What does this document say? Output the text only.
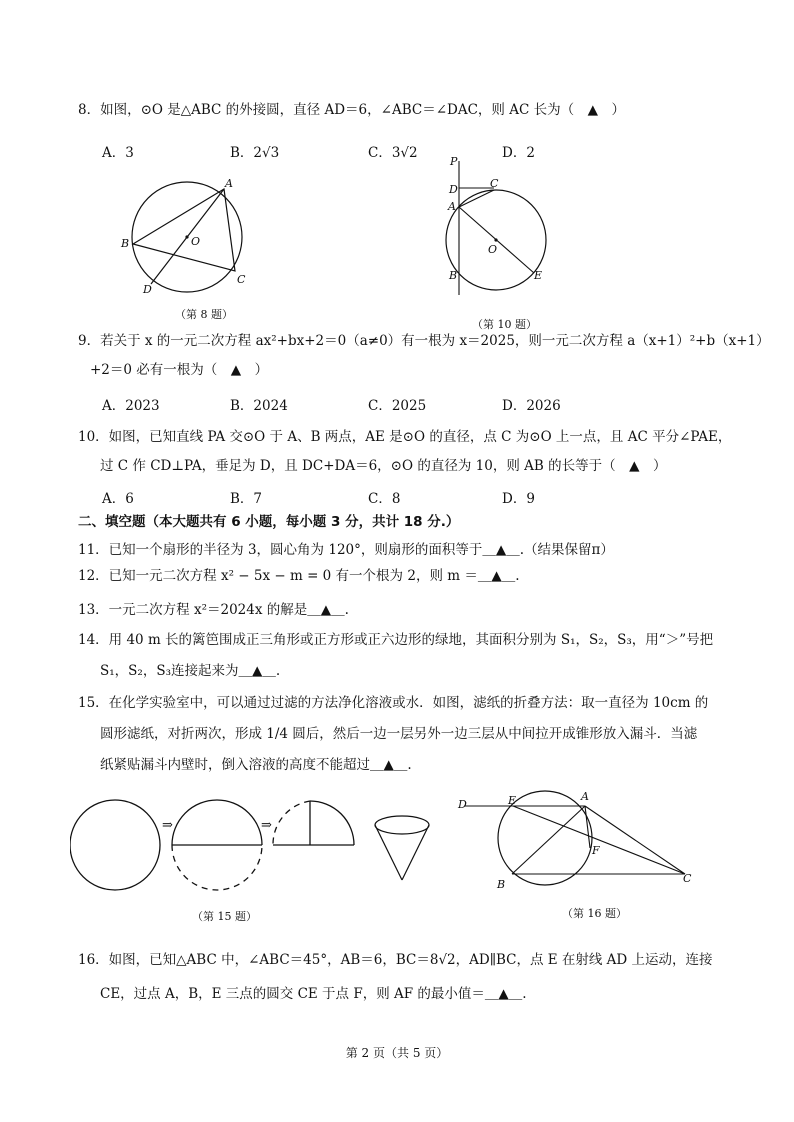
8．如图，⊙O 是△ABC 的外接圆，直径 AD＝6，∠ABC＝∠DAC，则 AC 长为（　▲　）
A．3	B．2√3	C．3√2	D．2
A
B
C
D
O
（第 8 题）
P
D	C
A
O
B	E
（第 10 题）
9．若关于 x 的一元二次方程 ax²+bx+2＝0（a≠0）有一根为 x＝2025，则一元二次方程 a（x+1）²+b（x+1）
+2＝0 必有一根为（　▲　）
A．2023	B．2024	C．2025	D．2026
10．如图，已知直线 PA 交⊙O 于 A、B 两点，AE 是⊙O 的直径，点 C 为⊙O 上一点，且 AC 平分∠PAE，
过 C 作 CD⊥PA，垂足为 D，且 DC+DA＝6，⊙O 的直径为 10，则 AB 的长等于（　▲　）
A．6	B．7	C．8	D．9
二、填空题（本大题共有 6 小题，每小题 3 分，共计 18 分.）
11．已知一个扇形的半径为 3，圆心角为 120°，则扇形的面积等于＿▲＿.（结果保留π）
12．已知一元二次方程 x² − 5x − m = 0 有一个根为 2，则 m ＝＿▲＿.
13．一元二次方程 x²＝2024x 的解是＿▲＿.
14．用 40 m 长的篱笆围成正三角形或正方形或正六边形的绿地，其面积分别为 S₁，S₂，S₃，用“＞”号把
S₁，S₂，S₃连接起来为＿▲＿.
15．在化学实验室中，可以通过过滤的方法净化溶液或水．如图，滤纸的折叠方法：取一直径为 10cm 的
圆形滤纸，对折两次，形成 1/4 圆后，然后一边一层另外一边三层从中间拉开成锥形放入漏斗．当滤
纸紧贴漏斗内壁时，倒入溶液的高度不能超过＿▲＿.
⇒	⇒
（第 15 题）
D	E	A
F
B	C
（第 16 题）
16．如图，已知△ABC 中，∠ABC＝45°，AB＝6，BC＝8√2，AD∥BC，点 E 在射线 AD 上运动，连接
CE，过点 A，B，E 三点的圆交 CE 于点 F，则 AF 的最小值＝＿▲＿.
第 2 页（共 5 页）
